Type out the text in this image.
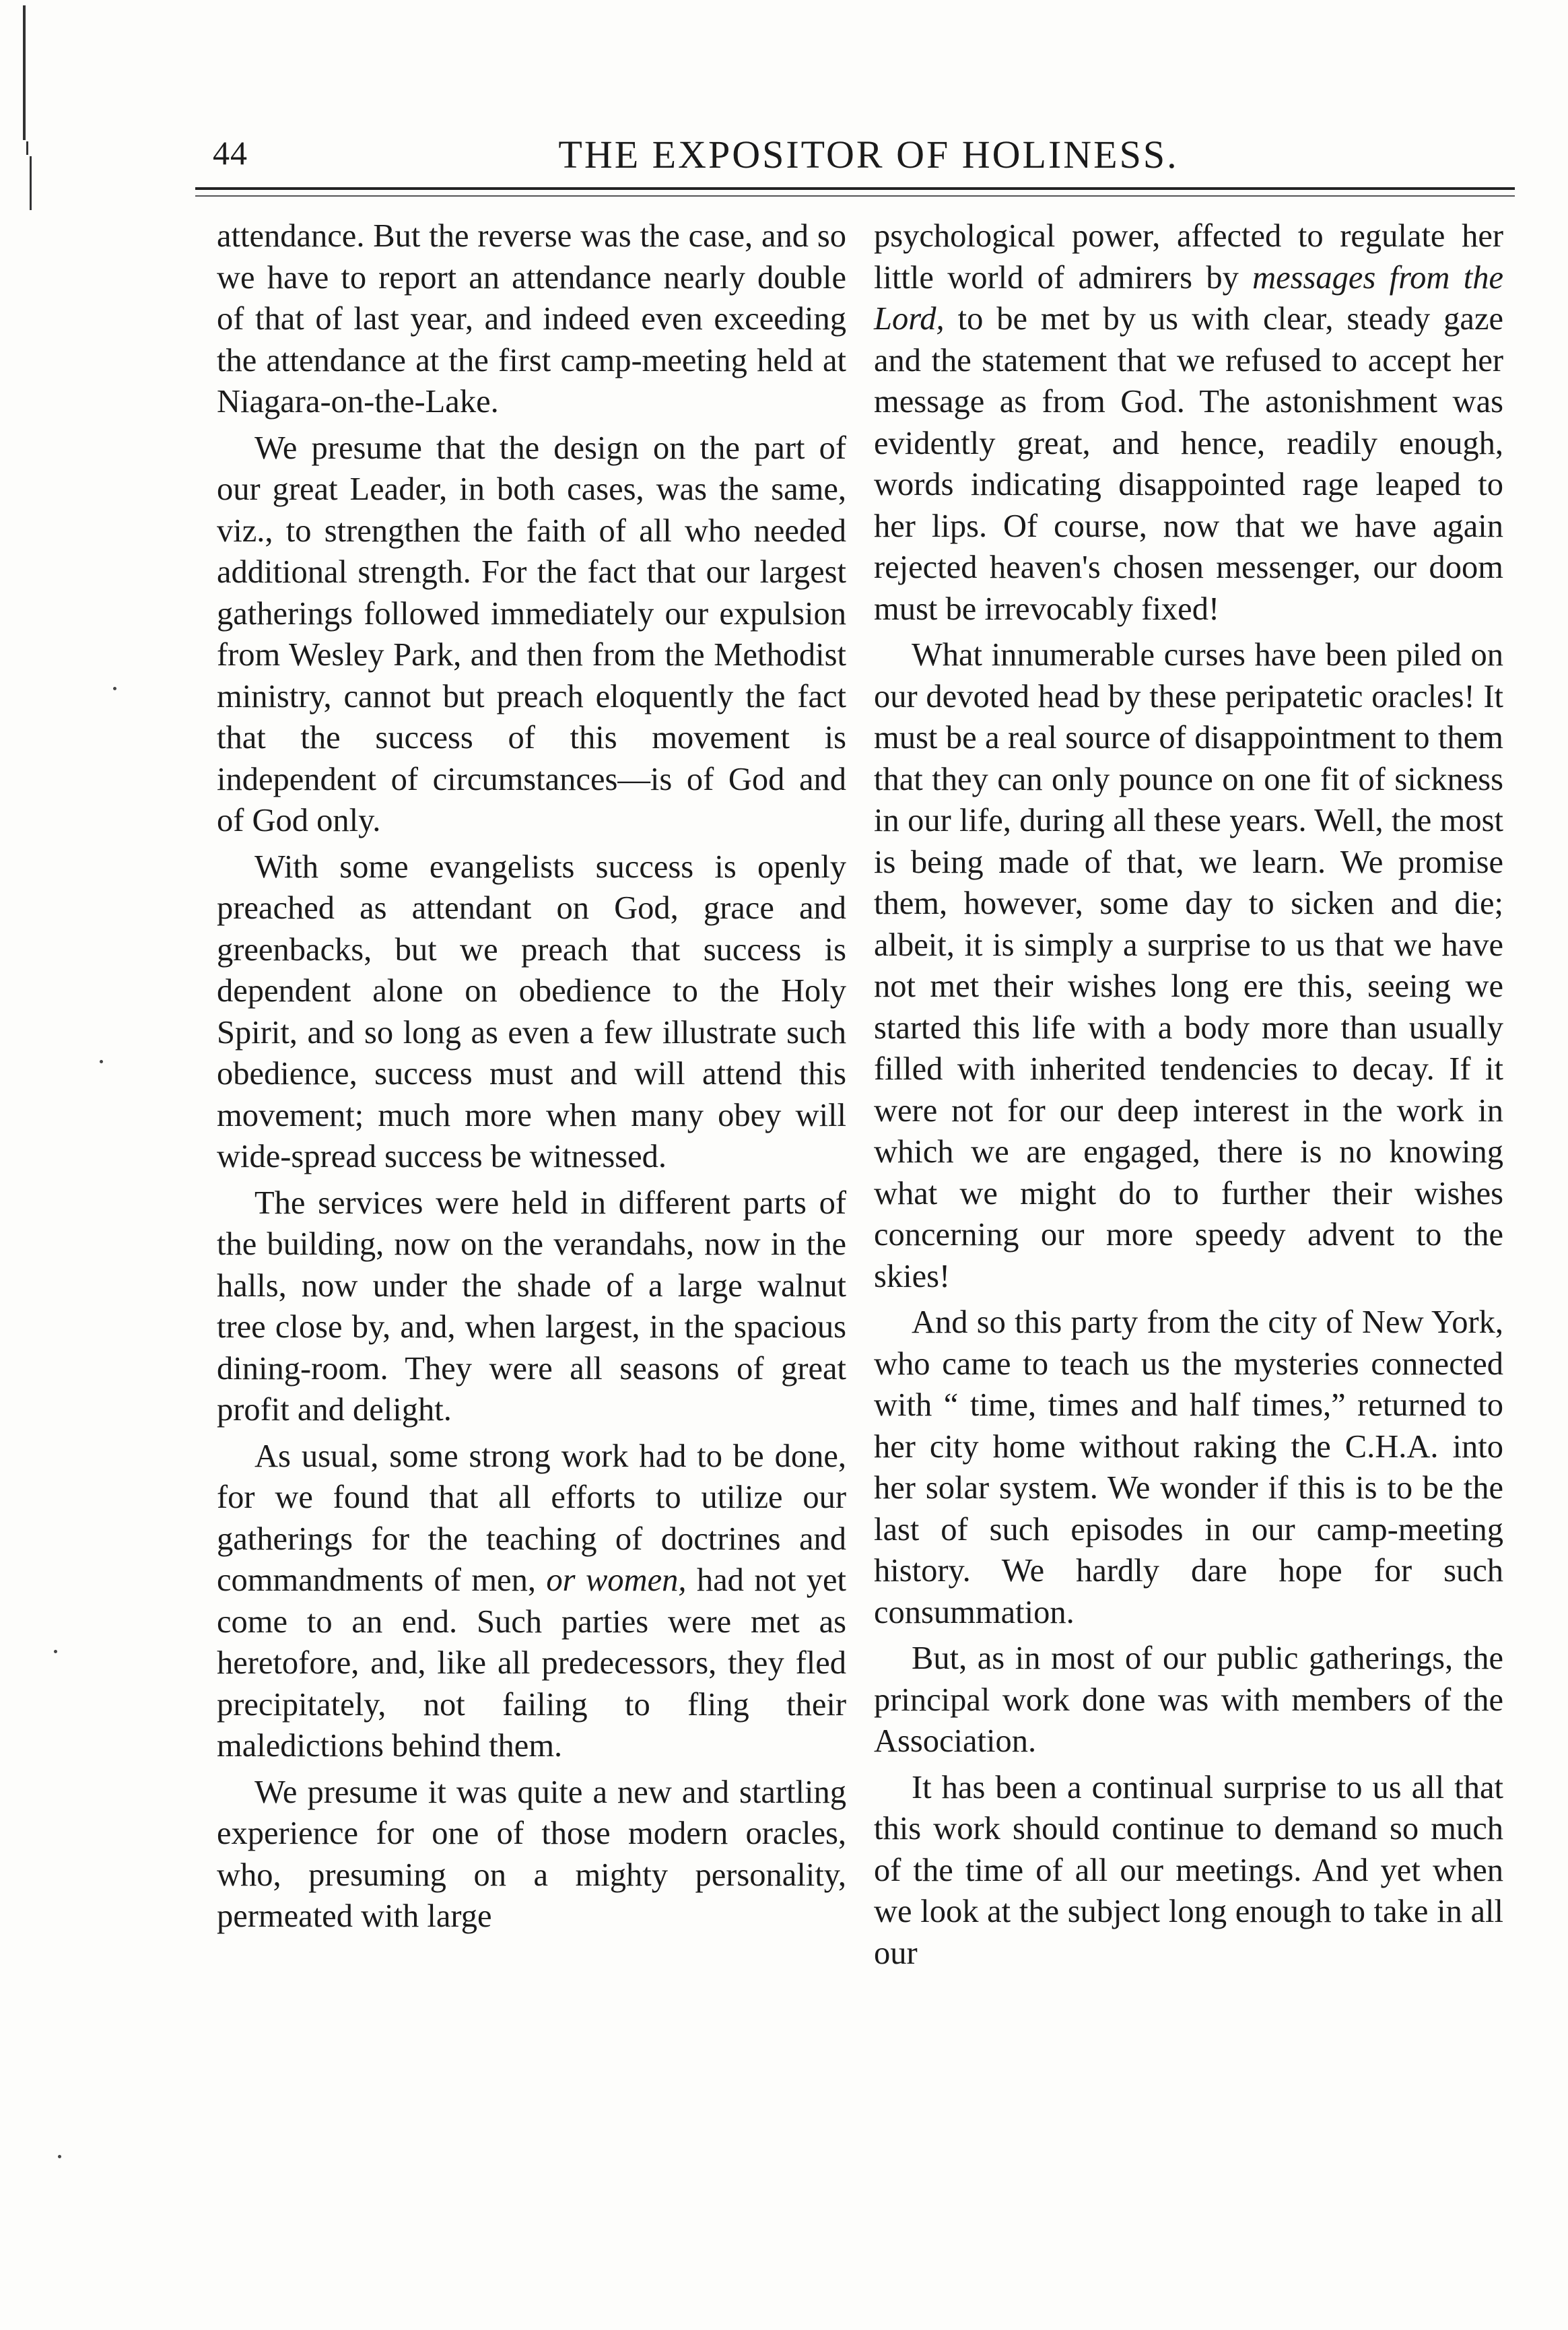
44	THE EXPOSITOR OF HOLINESS.

attendance. But the reverse was the case, and so we have to report an attendance nearly double of that of last year, and indeed even exceeding the attendance at the first camp-meeting held at Niagara-on-the-Lake.

We presume that the design on the part of our great Leader, in both cases, was the same, viz., to strengthen the faith of all who needed additional strength. For the fact that our largest gatherings followed immediately our expulsion from Wesley Park, and then from the Methodist ministry, cannot but preach eloquently the fact that the success of this movement is independent of circumstances—is of God and of God only.

With some evangelists success is openly preached as attendant on God, grace and greenbacks, but we preach that success is dependent alone on obedience to the Holy Spirit, and so long as even a few illustrate such obedience, success must and will attend this movement; much more when many obey will wide-spread success be witnessed.

The services were held in different parts of the building, now on the verandahs, now in the halls, now under the shade of a large walnut tree close by, and, when largest, in the spacious dining-room. They were all seasons of great profit and delight.

As usual, some strong work had to be done, for we found that all efforts to utilize our gatherings for the teaching of doctrines and commandments of men, or women, had not yet come to an end. Such parties were met as heretofore, and, like all predecessors, they fled precipitately, not failing to fling their maledictions behind them.

We presume it was quite a new and startling experience for one of those modern oracles, who, presuming on a mighty personality, permeated with large

psychological power, affected to regulate her little world of admirers by messages from the Lord, to be met by us with clear, steady gaze and the statement that we refused to accept her message as from God. The astonishment was evidently great, and hence, readily enough, words indicating disappointed rage leaped to her lips. Of course, now that we have again rejected heaven's chosen messenger, our doom must be irrevocably fixed!

What innumerable curses have been piled on our devoted head by these peripatetic oracles! It must be a real source of disappointment to them that they can only pounce on one fit of sickness in our life, during all these years. Well, the most is being made of that, we learn. We promise them, however, some day to sicken and die; albeit, it is simply a surprise to us that we have not met their wishes long ere this, seeing we started this life with a body more than usually filled with inherited tendencies to decay. If it were not for our deep interest in the work in which we are engaged, there is no knowing what we might do to further their wishes concerning our more speedy advent to the skies!

And so this party from the city of New York, who came to teach us the mysteries connected with “ time, times and half times,” returned to her city home without raking the C.H.A. into her solar system. We wonder if this is to be the last of such episodes in our camp-meeting history. We hardly dare hope for such consummation.

But, as in most of our public gatherings, the principal work done was with members of the Association.

It has been a continual surprise to us all that this work should continue to demand so much of the time of all our meetings. And yet when we look at the subject long enough to take in all our
